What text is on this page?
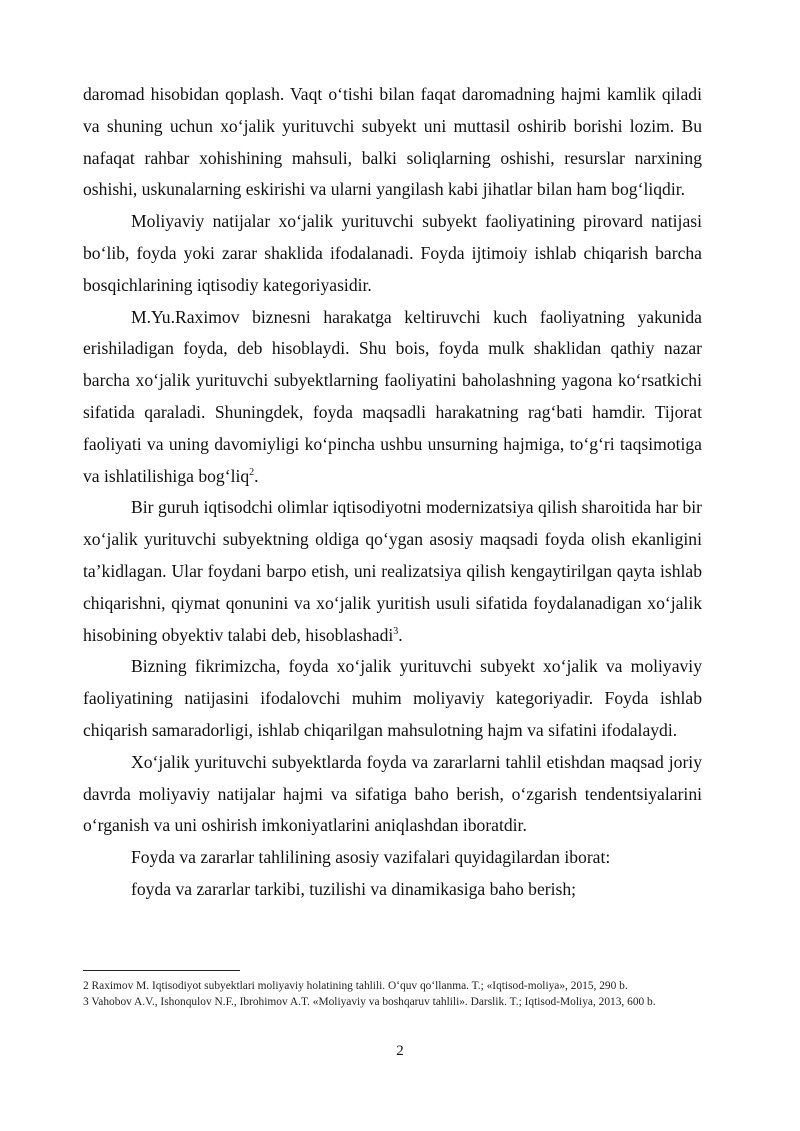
daromad hisobidan qoplash. Vaqt o‘tishi bilan faqat daromadning hajmi kamlik qiladi va shuning uchun xo‘jalik yurituvchi subyekt uni muttasil oshirib borishi lozim. Bu nafaqat rahbar xohishining mahsuli, balki soliqlarning oshishi, resurslar narxining oshishi, uskunalarning eskirishi va ularni yangilash kabi jihatlar bilan ham bog‘liqdir.

Moliyaviy natijalar xo‘jalik yurituvchi subyekt faoliyatining pirovard natijasi bo‘lib, foyda yoki zarar shaklida ifodalanadi. Foyda ijtimoiy ishlab chiqarish barcha bosqichlarining iqtisodiy kategoriyasidir.

M.Yu.Raximov biznesni harakatga keltiruvchi kuch faoliyatning yakunida erishiladigan foyda, deb hisoblaydi. Shu bois, foyda mulk shaklidan qathiy nazar barcha xo‘jalik yurituvchi subyektlarning faoliyatini baholashning yagona ko‘rsatkichi sifatida qaraladi. Shuningdek, foyda maqsadli harakatning rag‘bati hamdir. Tijorat faoliyati va uning davomiyligi ko‘pincha ushbu unsurning hajmiga, to‘g‘ri taqsimotiga va ishlatilishiga bog‘liq$^2$.

Bir guruh iqtisodchi olimlar iqtisodiyotni modernizatsiya qilish sharoitida har bir xo‘jalik yurituvchi subyektning oldiga qo‘ygan asosiy maqsadi foyda olish ekanligini ta’kidlagan. Ular foydani barpo etish, uni realizatsiya qilish kengaytirilgan qayta ishlab chiqarishni, qiymat qonunini va xo‘jalik yuritish usuli sifatida foydalanadigan xo‘jalik hisobining obyektiv talabi deb, hisoblashadi$^3$.

Bizning fikrimizcha, foyda xo‘jalik yurituvchi subyekt xo‘jalik va moliyaviy faoliyatining natijasini ifodalovchi muhim moliyaviy kategoriyadir. Foyda ishlab chiqarish samaradorligi, ishlab chiqarilgan mahsulotning hajm va sifatini ifodalaydi.

Xo‘jalik yurituvchi subyektlarda foyda va zararlarni tahlil etishdan maqsad joriy davrda moliyaviy natijalar hajmi va sifatiga baho berish, o‘zgarish tendentsiyalarini o‘rganish va uni oshirish imkoniyatlarini aniqlashdan iboratdir.

Foyda va zararlar tahlilining asosiy vazifalari quyidagilardan iborat:

foyda va zararlar tarkibi, tuzilishi va dinamikasiga baho berish;

2 Raximov M. Iqtisodiyot subyektlari moliyaviy holatining tahlili. O‘quv qo‘llanma. T.; «Iqtisod-moliya», 2015, 290 b.

3 Vahobov A.V., Ishonqulov N.F., Ibrohimov A.T. «Moliyaviy va boshqaruv tahlili». Darslik. T.; Iqtisod-Moliya, 2013, 600 b.

2
